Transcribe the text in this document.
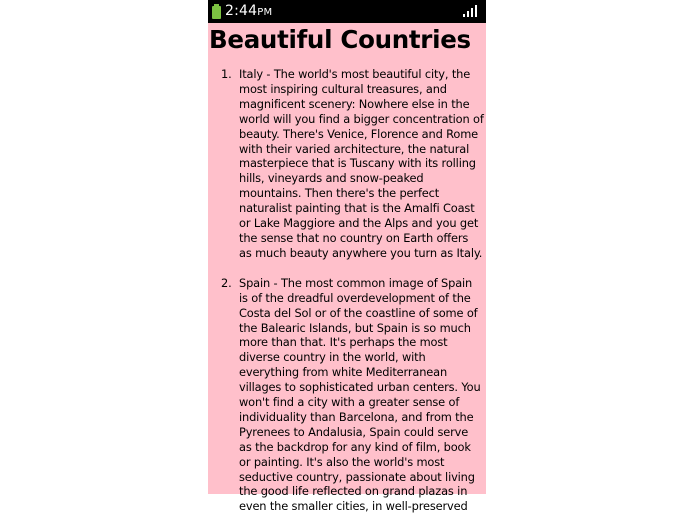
2:44PM
Beautiful Countries
1. Italy - The world's most beautiful city, the most inspiring cultural treasures, and magnificent scenery: Nowhere else in the world will you find a bigger concentration of beauty. There's Venice, Florence and Rome with their varied architecture, the natural masterpiece that is Tuscany with its rolling hills, vineyards and snow-peaked mountains. Then there's the perfect naturalist painting that is the Amalfi Coast or Lake Maggiore and the Alps and you get the sense that no country on Earth offers as much beauty anywhere you turn as Italy.
2. Spain - The most common image of Spain is of the dreadful overdevelopment of the Costa del Sol or of the coastline of some of the Balearic Islands, but Spain is so much more than that. It's perhaps the most diverse country in the world, with everything from white Mediterranean villages to sophisticated urban centers. You won't find a city with a greater sense of individuality than Barcelona, and from the Pyrenees to Andalusia, Spain could serve as the backdrop for any kind of film, book or painting. It's also the world's most seductive country, passionate about living the good life reflected on grand plazas in even the smaller cities, in well-preserved
